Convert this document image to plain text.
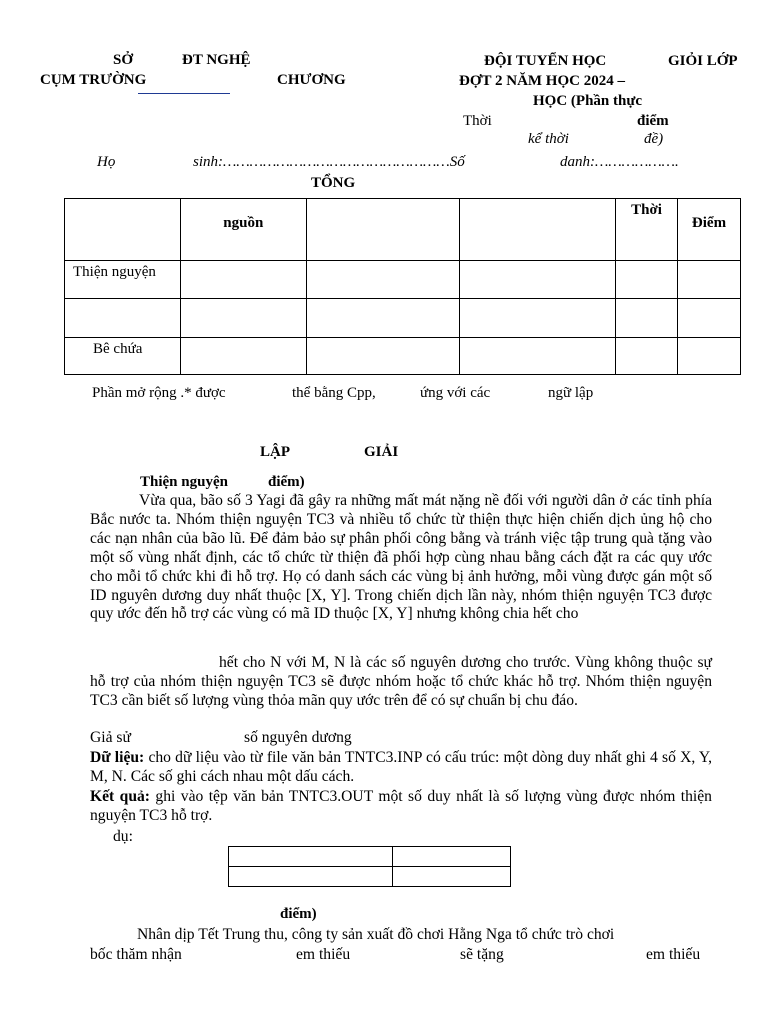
SỞ	ĐT NGHỆ
CỤM TRƯỜNG	CHƯƠNG
ĐỘI TUYỂN HỌC	GIỎI LỚP
ĐỢT 2 NĂM HỌC 2024 –
HỌC (Phần thực
Thời	điểm
kể thời	đề)
Họ	sinh:……………………………………………Số	danh:……………….
TỔNG
	nguồn			Thời	Điểm
Thiện nguyện					

Bê chứa					
Phần mở rộng .* được	thể bằng Cpp,	ứng với các	ngữ lập
LẬP	GIẢI
Thiện nguyện	điểm)

Vừa qua, bão số 3 Yagi đã gây ra những mất mát nặng nề đối với người dân ở các tỉnh phía Bắc nước ta. Nhóm thiện nguyện TC3 và nhiều tổ chức từ thiện thực hiện chiến dịch ủng hộ cho các nạn nhân của bão lũ. Để đảm bảo sự phân phối công bằng và tránh việc tập trung quà tặng vào một số vùng nhất định, các tổ chức từ thiện đã phối hợp cùng nhau bằng cách đặt ra các quy ước cho mỗi tổ chức khi đi hỗ trợ. Họ có danh sách các vùng bị ảnh hưởng, mỗi vùng được gán một số ID nguyên dương duy nhất thuộc [X, Y]. Trong chiến dịch lần này, nhóm thiện nguyện TC3 được quy ước đến hỗ trợ các vùng có mã ID thuộc [X, Y] nhưng không chia hết cho

hết cho N với M, N là các số nguyên dương cho trước. Vùng không thuộc sự hỗ trợ của nhóm thiện nguyện TC3 sẽ được nhóm hoặc tổ chức khác hỗ trợ. Nhóm thiện nguyện TC3 cần biết số lượng vùng thỏa mãn quy ước trên để có sự chuẩn bị chu đáo.

Giả sử	số nguyên dương

Dữ liệu: cho dữ liệu vào từ file văn bản TNTC3.INP có cấu trúc: một dòng duy nhất ghi 4 số X, Y, M, N. Các số ghi cách nhau một dấu cách.

Kết quả: ghi vào tệp văn bản TNTC3.OUT một số duy nhất là số lượng vùng được nhóm thiện nguyện TC3 hỗ trợ.

dụ:

điểm)
Nhân dịp Tết Trung thu, công ty sản xuất đồ chơi Hằng Nga tổ chức trò chơi
bốc thăm nhận	em thiếu	sẽ tặng	em thiếu
